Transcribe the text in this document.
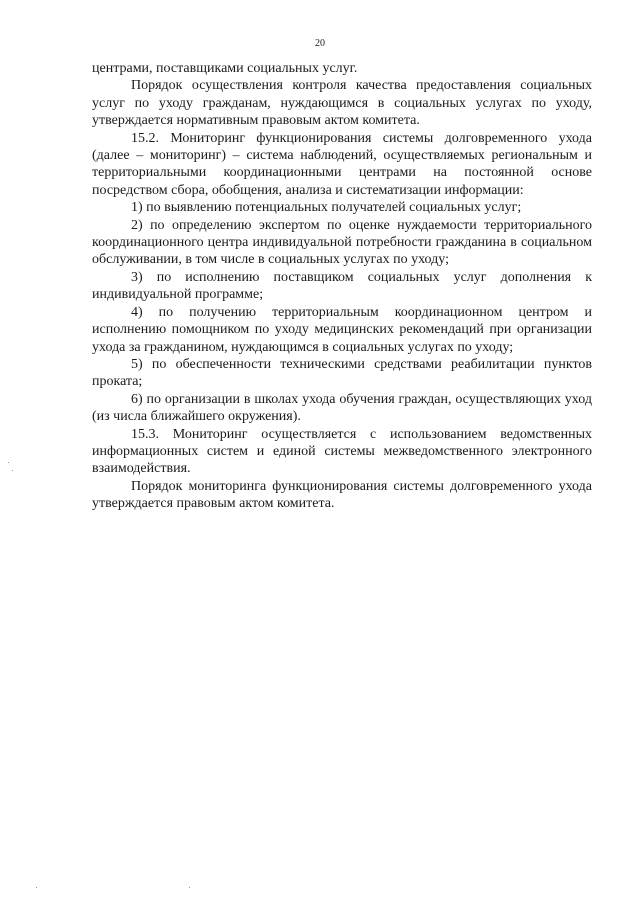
20

центрами, поставщиками социальных услуг.

Порядок осуществления контроля качества предоставления социальных услуг по уходу гражданам, нуждающимся в социальных услугах по уходу, утверждается нормативным правовым актом комитета.

15.2. Мониторинг функционирования системы долговременного ухода (далее – мониторинг) – система наблюдений, осуществляемых региональным и территориальными координационными центрами на постоянной основе посредством сбора, обобщения, анализа и систематизации информации:

1) по выявлению потенциальных получателей социальных услуг;

2) по определению экспертом по оценке нуждаемости территориального координационного центра индивидуальной потребности гражданина в социальном обслуживании, в том числе в социальных услугах по уходу;

3) по исполнению поставщиком социальных услуг дополнения к индивидуальной программе;

4) по получению территориальным координационном центром и исполнению помощником по уходу медицинских рекомендаций при организации ухода за гражданином, нуждающимся в социальных услугах по уходу;

5) по обеспеченности техническими средствами реабилитации пунктов проката;

6) по организации в школах ухода обучения граждан, осуществляющих уход (из числа ближайшего окружения).

15.3. Мониторинг осуществляется с использованием ведомственных информационных систем и единой системы межведомственного электронного взаимодействия.

Порядок мониторинга функционирования системы долговременного ухода утверждается правовым актом комитета.
